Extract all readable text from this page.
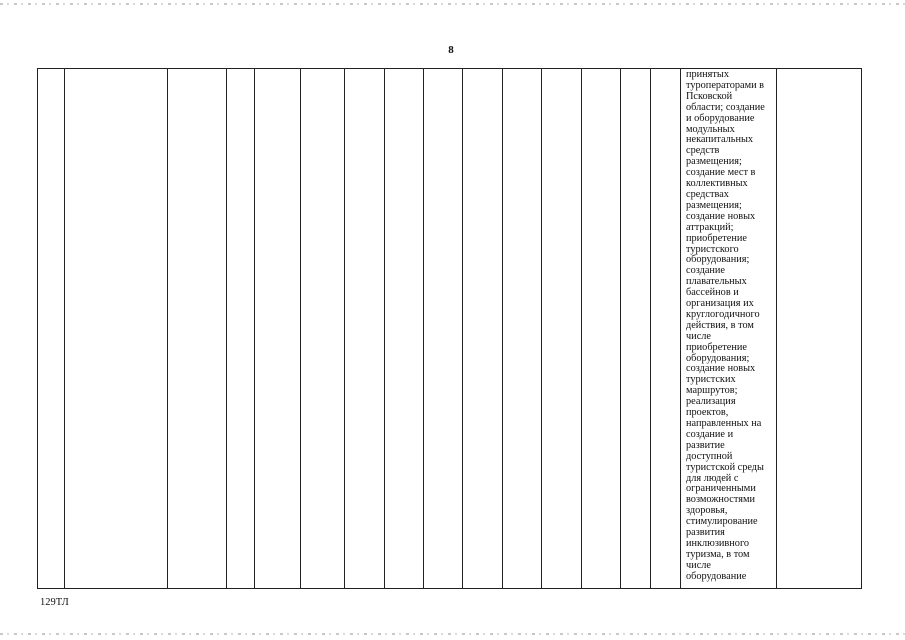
8
принятых
туроператорами в
Псковской
области; создание
и оборудование
модульных
некапитальных
средств
размещения;
создание мест в
коллективных
средствах
размещения;
создание новых
аттракций;
приобретение
туристского
оборудования;
создание
плавательных
бассейнов и
организация их
круглогодичного
действия, в том
числе
приобретение
оборудования;
создание новых
туристских
маршрутов;
реализация
проектов,
направленных на
создание и
развитие
доступной
туристской среды
для людей с
ограниченными
возможностями
здоровья,
стимулирование
развития
инклюзивного
туризма, в том
числе
оборудование
129ТЛ
